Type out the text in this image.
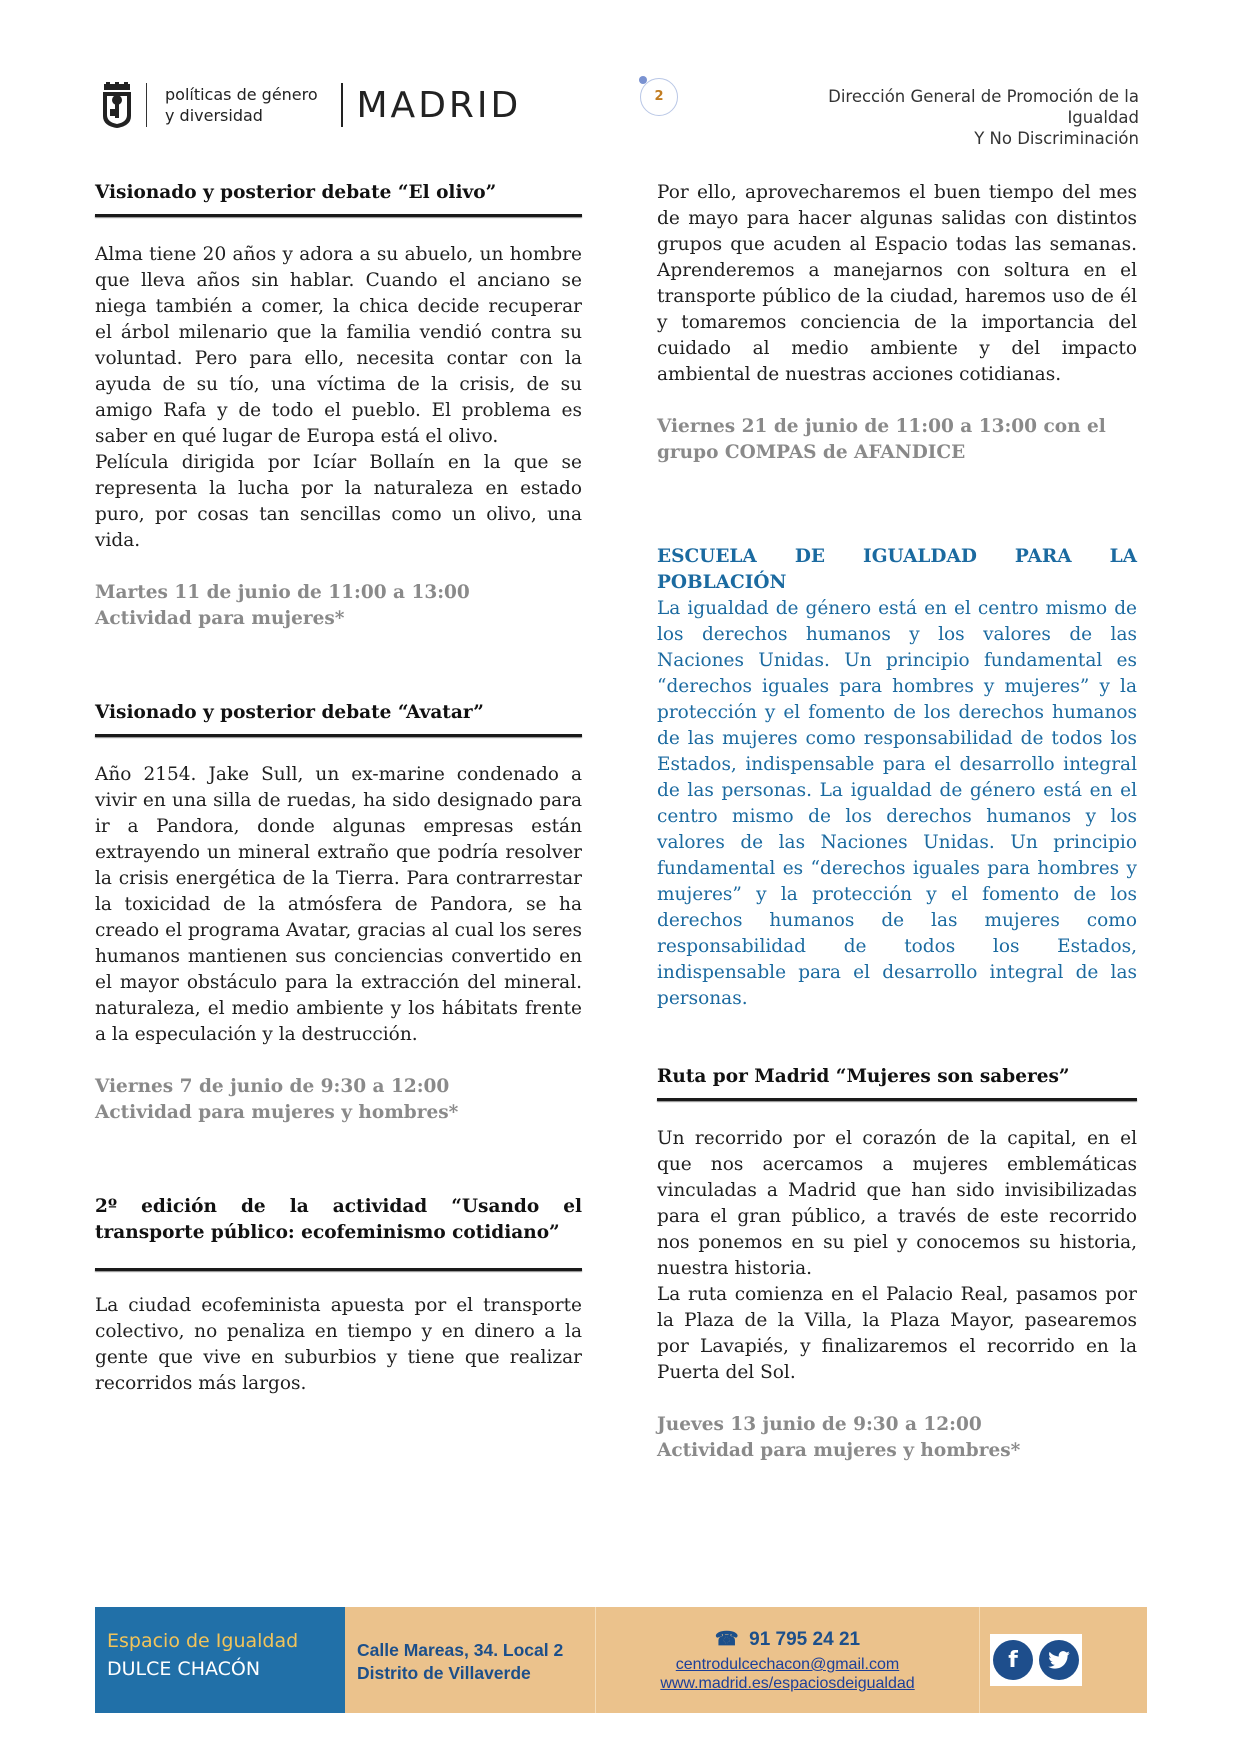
políticas de género
y diversidad	MADRID	2	Dirección General de Promoción de la
Igualdad
Y No Discriminación
Visionado y posterior debate “El olivo”

Alma tiene 20 años y adora a su abuelo, un hombre que lleva años sin hablar. Cuando el anciano se niega también a comer, la chica decide recuperar el árbol milenario que la familia vendió contra su voluntad. Pero para ello, necesita contar con la ayuda de su tío, una víctima de la crisis, de su amigo Rafa y de todo el pueblo. El problema es saber en qué lugar de Europa está el olivo.

Película dirigida por Icíar Bollaín en la que se representa la lucha por la naturaleza en estado puro, por cosas tan sencillas como un olivo, una vida.

Martes 11 de junio de 11:00 a 13:00

Actividad para mujeres*

Visionado y posterior debate “Avatar”

Año 2154. Jake Sull, un ex-marine condenado a vivir en una silla de ruedas, ha sido designado para ir a Pandora, donde algunas empresas están extrayendo un mineral extraño que podría resolver la crisis energética de la Tierra. Para contrarrestar la toxicidad de la atmósfera de Pandora, se ha creado el programa Avatar, gracias al cual los seres humanos mantienen sus conciencias convertido en el mayor obstáculo para la extracción del mineral. naturaleza, el medio ambiente y los hábitats frente a la especulación y la destrucción.

Viernes 7 de junio de 9:30 a 12:00

Actividad para mujeres y hombres*

2º edición de la actividad “Usando el transporte público: ecofeminismo cotidiano”

La ciudad ecofeminista apuesta por el transporte colectivo, no penaliza en tiempo y en dinero a la gente que vive en suburbios y tiene que realizar recorridos más largos.

Por ello, aprovecharemos el buen tiempo del mes de mayo para hacer algunas salidas con distintos grupos que acuden al Espacio todas las semanas. Aprenderemos a manejarnos con soltura en el transporte público de la ciudad, haremos uso de él y tomaremos conciencia de la importancia del cuidado al medio ambiente y del impacto ambiental de nuestras acciones cotidianas.

Viernes 21 de junio de 11:00 a 13:00 con el grupo COMPAS de AFANDICE

ESCUELA DE IGUALDAD PARA LA

POBLACIÓN

La igualdad de género está en el centro mismo de los derechos humanos y los valores de las Naciones Unidas. Un principio fundamental es “derechos iguales para hombres y mujeres” y la protección y el fomento de los derechos humanos de las mujeres como responsabilidad de todos los Estados, indispensable para el desarrollo integral de las personas. La igualdad de género está en el centro mismo de los derechos humanos y los valores de las Naciones Unidas. Un principio fundamental es “derechos iguales para hombres y mujeres” y la protección y el fomento de los derechos humanos de las mujeres como responsabilidad de todos los Estados, indispensable para el desarrollo integral de las personas.

Ruta por Madrid “Mujeres son saberes”

Un recorrido por el corazón de la capital, en el que nos acercamos a mujeres emblemáticas vinculadas a Madrid que han sido invisibilizadas para el gran público, a través de este recorrido nos ponemos en su piel y conocemos su historia, nuestra historia.

La ruta comienza en el Palacio Real, pasamos por la Plaza de la Villa, la Plaza Mayor, pasearemos por Lavapiés, y finalizaremos el recorrido en la Puerta del Sol.

Jueves 13 junio de 9:30 a 12:00

Actividad para mujeres y hombres*

Espacio de Igualdad
DULCE CHACÓN
Calle Mareas, 34. Local 2
Distrito de Villaverde
☎ 91 795 24 21
centrodulcechacon@gmail.com
www.madrid.es/espaciosdeigualdad
f
